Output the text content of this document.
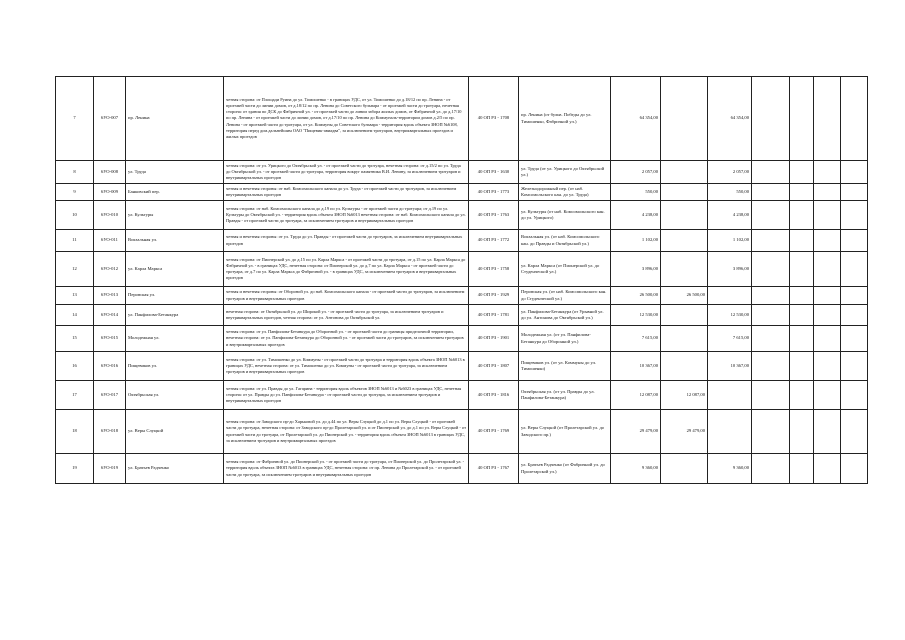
7	6УО-007	пр. Ленина	четная сторона: от Площади Руина до ул. Тимошенко - в границах УДС, от ул. Тимошенко до д.18/12 по пр. Ленина - от проезжей части до линии домов, от д.18/12 по пр. Ленина до Советского бульвара - от проезжей части до тротуара, нечетная сторона: от здания по ДСК до Фабричной ул. - от проезжей части до линии забора жилых домов, от Фабричной ул. до д.17/10 по пр. Ленина - от проезжей части до линии домов, от д.17/10 по пр. Ленина до Коммуналь-территории домов д.2/5 по пр. Ленина - от проезжей части до тротуара, от ул. Коммуны до Советского бульвара - территория вдоль объекта ЗНОП №6108, территория перед дом.дальнейшим ОАО "Пищевик-авиадва", за исключением тротуаров, внутриквартальных проездов и жилых проездов	40 ОП РЗ - 1708	пр. Ленина (от бульв. Победы до ул. Тимошенко, Фабричной ул.)	64 354,00		64 354,00				
8	6УО-008	ул. Труда	четная сторона: от ул. Урицкого до Октябрьской ул. - от проезжей части до тротуара, нечетная сторона: от д.15/2 по ул. Труда до Октябрьской ул. - от проезжей части до тротуара, территория вокруг памятника В.И. Ленину, за исключением тротуаров и внутриквартальных проездов	40 ОП РЗ - 1630	ул. Труда (от ул. Урицкого до Октябрьской ул.)	2 057,00		2 057,00				
9	6УО-009	Банковский пер.	четная и нечетная стороны: от наб. Комсомольского канала до ул. Труда - от проезжей части до тротуаров, за исключением внутриквартальных проездов	40 ОП РЗ - 1773	Железнодорожный пер. (от наб. Комсомольского кан. до ул. Труда)	550,00		550,00				
10	6УО-010	ул. Культуры	четная сторона: от наб. Комсомольского канала до д.19 по ул. Культуры - от проезжей части до тротуара; от д.19 по ул. Культуры до Октябрьской ул. - территория вдоль объекта ЗНОП №6013 нечетная сторона: от наб. Комсомольского канала до ул. Правды - от проезжей части до тротуара, за исключением тротуаров и внутриквартальных проездов	40 ОП РЗ - 1763	ул. Культуры (от наб. Комсомольского кан. до ул. Урицкого)	4 238,00		4 238,00				
11	6УО-011	Вокзальная ул.	четная и нечетная стороны: от ул. Труда до ул. Правды - от проезжей части до тротуаров, за исключением внутриквартальных проездов	40 ОП РЗ - 1772	Вокзальная ул. (от наб. Комсомольского кан. до Правды и Октябрьской ул.)	1 102,00		1 102,00				
12	6УО-012	ул. Карла Маркса	четная сторона: от Пионерской ул. до д.15 по ул. Карла Маркса - от проезжей части до тротуара, от д.15 по ул. Карла Маркса до Фабричной ул. - в границах УДС, нечетная сторона: от Пионерской ул. до д.7 по ул. Карла Маркса - от проезжей части до тротуара, от д.7 по ул. Карла Маркса до Фабричной ул. - в границах УДС, за исключением тротуаров и внутриквартальных проездов	40 ОП РЗ - 1758	ул. Карла Маркса (от Пионерской ул. до Студенческой ул.)	3 896,00		3 896,00				
13	6УО-013	Перовская ул.	четная и нечетная стороны: от Обороной ул. до наб. Комсомольского канала - от проезжей части до тротуаров, за исключением тротуаров и внутриквартальных проездов	40 ОП РЗ - 1929	Перовская ул. (от наб. Комсомольского кан. до Студенческой ул.)	26 500,00	26 500,00					
14	6УО-014	ул. Панфилова-Бетанкура	нечетная сторона: от Октябрьской ул. до Широкой ул. - от проезжей части до тротуара, за исключением тротуаров и внутриквартальных проездов, четная сторона: от ул. Антонова до Октябрьской ул.	40 ОП РЗ - 1781	ул. Панфилова-Бетанкура (от Урывной ул. до ул. Антонова до Октябрьской ул.)	12 530,00		12 530,00				
15	6УО-015	Молодежная ул.	четная сторона: от ул. Панфилова-Бетанкура до Оборонной ул. - от проезжей части до границы приделочной территории, нечетная сторона: от ул. Панфилова-Бетанкура до Оборонной ул. - от проезжей части до тротуаров, за исключением тротуаров и внутриквартальных проездов	40 ОП РЗ - 1901	Молодежная ул. (от ул. Панфилова-Бетанкура до Оборонной ул.)	7 615,00		7 615,00				
16	6УО-016	Пищевиков ул.	четная сторона: от ул. Тимошенко до ул. Коммуны - от проезжей части до тротуара и территория вдоль объекта ЗНОП №6013 в границах УДС, нечетная сторона: от ул. Тимошенко до ул. Коммуны - от проезжей части до тротуара, за исключением тротуаров и внутриквартальных проездов	40 ОП РЗ - 1807	Пищевиков ул. (от ул. Коммуны до ул. Тимошенко)	10 367,00		10 367,00				
17	6УО-017	Октябрьская ул.	четная сторона: от ул. Правды до ул. Гагарина - территория вдоль объектов ЗНОП №6013 и №6023 в границах УДС, нечетная сторона: от ул. Правды до ул. Панфилова-Бетанкура - от проезжей части до тротуара, за исключением тротуаров и внутриквартальных проездов	40 ОП РЗ - 1816	Октябрьская ул. (от ул. Правды до ул. Панфилова-Бетанкура)	12 087,00	12 087,00					
18	6УО-018	ул. Веры Слуцкой	четная сторона: от Заводского пр-до Харьковой ул. до д.44 по ул. Веры Слуцкой до д.1 по ул. Веры Слуцкой - от проезжей части до тротуара, нечетная сторона: от Заводского пр-до Пролетарской ул. и от Пионерской ул. до д.1 по ул. Веры Слуцкой - от проезжей части до тротуара, от Пролетарской ул. до Пионерской ул. - территория вдоль объекта ЗНОП №6013 в границах УДС, за исключением тротуаров и внутриквартальных проездов	40 ОП РЗ - 1769	ул. Веры Слуцкой (от Пролетарской ул. до Заводского пр.)	29 479,00	29 479,00					
19	6УО-019	ул. Братьев Радченко	четная сторона: от Фабричной ул. до Пионерской ул. - от проезжей части до тротуара, от Пионерской ул. до Пролетарской ул. - территория вдоль объекта ЗНОП №6013 в границах УДС, нечетная сторона: от пр. Ленина до Пролетарской ул. - от проезжей части до тротуара, за исключением тротуаров и внутриквартальных проездов	40 ОП РЗ - 1767	ул. Братьев Радченко (от Фабричной ул. до Пролетарской ул.)	9 360,00		9 360,00				
